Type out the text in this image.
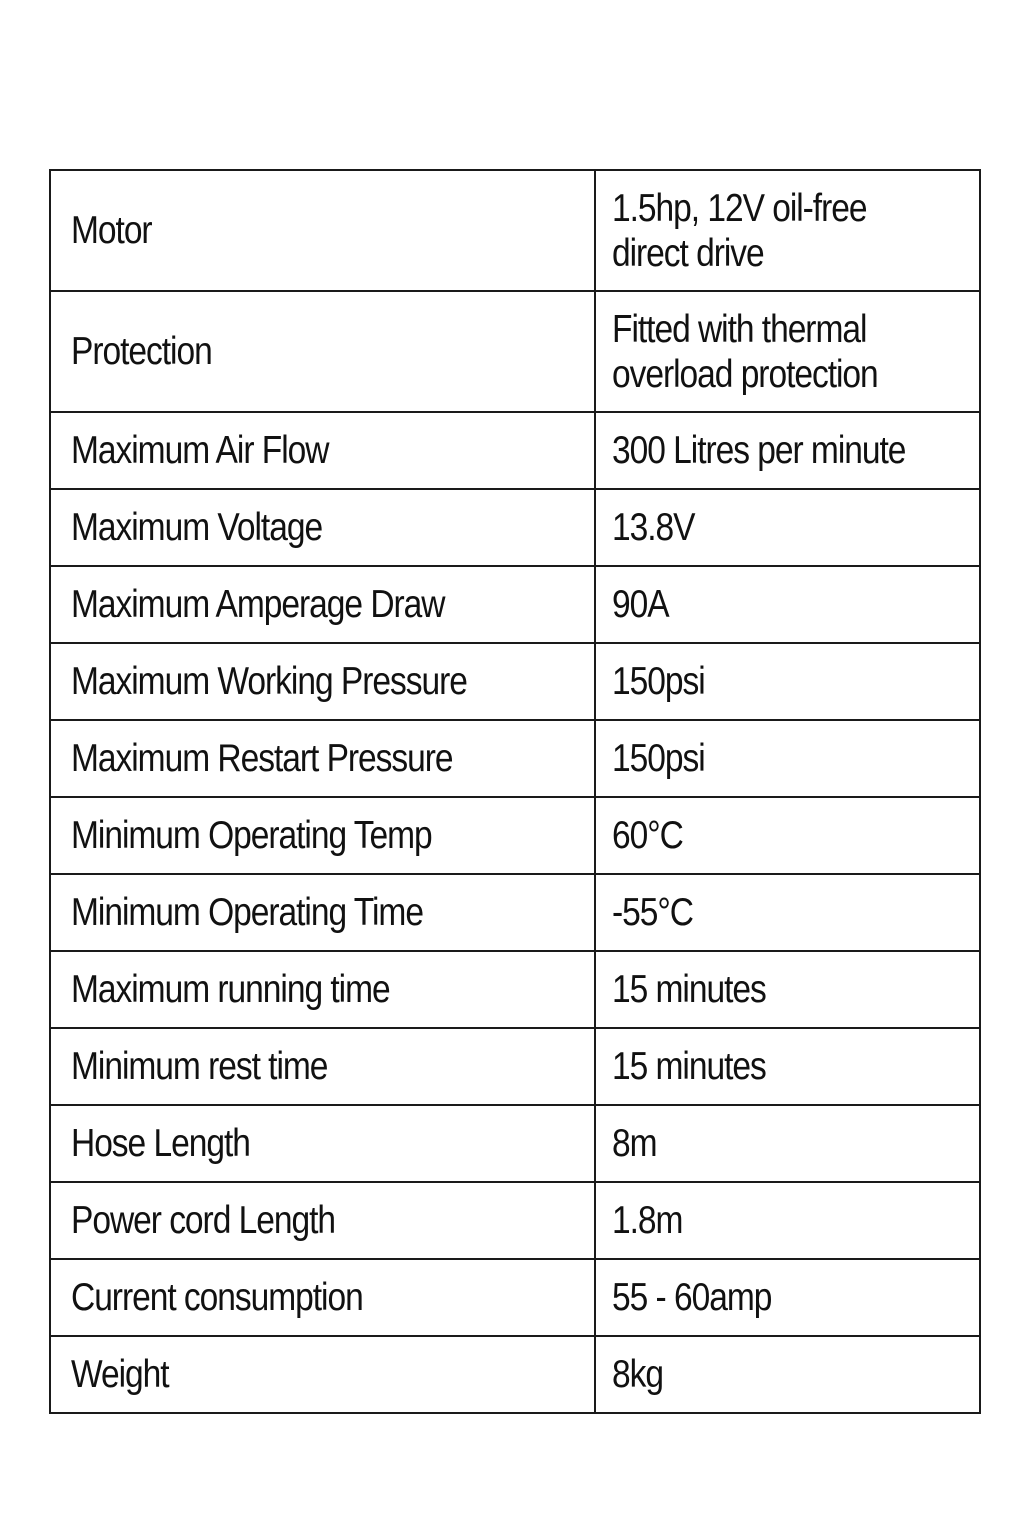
Motor	1.5hp, 12V oil-free
direct drive
Protection	Fitted with thermal
overload protection
Maximum Air Flow	300 Litres per minute
Maximum Voltage	13.8V
Maximum Amperage Draw	90A
Maximum Working Pressure	150psi
Maximum Restart Pressure	150psi
Minimum Operating Temp	60°C
Minimum Operating Time	-55°C
Maximum running time	15 minutes
Minimum rest time	15 minutes
Hose Length	8m
Power cord Length	1.8m
Current consumption	55 - 60amp
Weight	8kg
